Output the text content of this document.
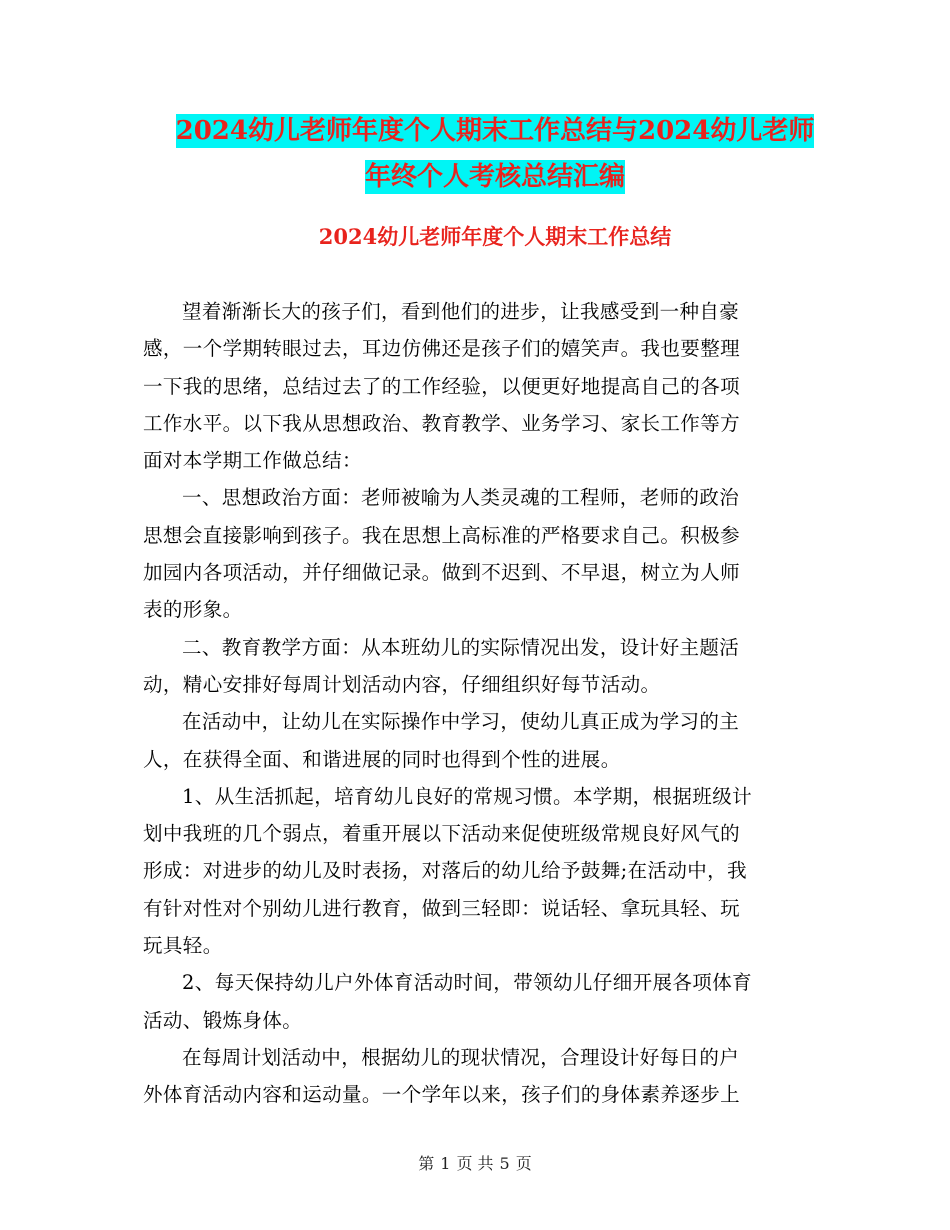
2024幼儿老师年度个人期末工作总结与2024幼儿老师
年终个人考核总结汇编
2024幼儿老师年度个人期末工作总结

望着渐渐长大的孩子们，看到他们的进步，让我感受到一种自豪

感，一个学期转眼过去，耳边仿佛还是孩子们的嬉笑声。我也要整理

一下我的思绪，总结过去了的工作经验，以便更好地提高自己的各项

工作水平。以下我从思想政治、教育教学、业务学习、家长工作等方

面对本学期工作做总结：

一、思想政治方面：老师被喻为人类灵魂的工程师，老师的政治

思想会直接影响到孩子。我在思想上高标准的严格要求自己。积极参

加园内各项活动，并仔细做记录。做到不迟到、不早退，树立为人师

表的形象。

二、教育教学方面：从本班幼儿的实际情况出发，设计好主题活

动，精心安排好每周计划活动内容，仔细组织好每节活动。

在活动中，让幼儿在实际操作中学习，使幼儿真正成为学习的主

人，在获得全面、和谐进展的同时也得到个性的进展。

1、从生活抓起，培育幼儿良好的常规习惯。本学期，根据班级计

划中我班的几个弱点，着重开展以下活动来促使班级常规良好风气的

形成：对进步的幼儿及时表扬，对落后的幼儿给予鼓舞;在活动中，我

有针对性对个别幼儿进行教育，做到三轻即：说话轻、拿玩具轻、玩

玩具轻。

2、每天保持幼儿户外体育活动时间，带领幼儿仔细开展各项体育

活动、锻炼身体。

在每周计划活动中，根据幼儿的现状情况，合理设计好每日的户

外体育活动内容和运动量。一个学年以来，孩子们的身体素养逐步上

第 1 页 共 5 页
